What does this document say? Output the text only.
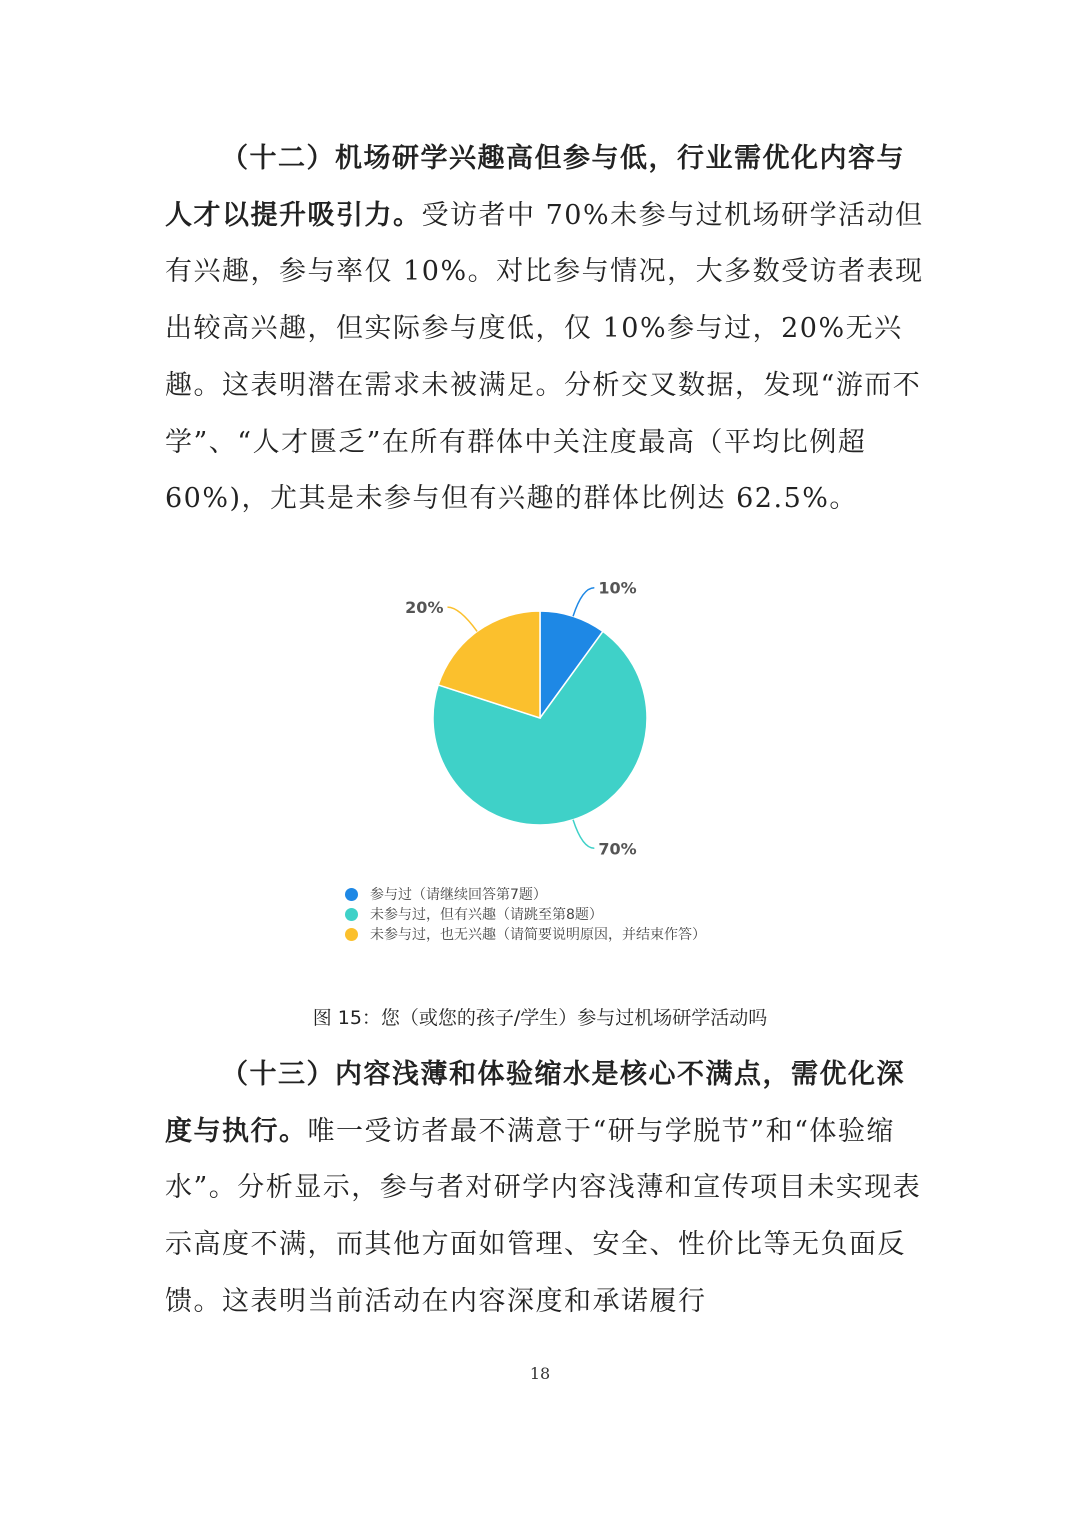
（十二）机场研学兴趣高但参与低，行业需优化内容与人才以提升吸引力。受访者中 70%未参与过机场研学活动但有兴趣，参与率仅 10%。对比参与情况，大多数受访者表现出较高兴趣，但实际参与度低，仅 10%参与过，20%无兴趣。这表明潜在需求未被满足。分析交叉数据，发现“游而不学”、“人才匮乏”在所有群体中关注度最高（平均比例超 60%)，尤其是未参与但有兴趣的群体比例达 62.5%。

10%
70%
20%
参与过（请继续回答第7题）
未参与过，但有兴趣（请跳至第8题）
未参与过，也无兴趣（请简要说明原因，并结束作答）
图 15：您（或您的孩子/学生）参与过机场研学活动吗

（十三）内容浅薄和体验缩水是核心不满点，需优化深度与执行。唯一受访者最不满意于“研与学脱节”和“体验缩水”。分析显示，参与者对研学内容浅薄和宣传项目未实现表示高度不满，而其他方面如管理、安全、性价比等无负面反馈。这表明当前活动在内容深度和承诺履行

18
